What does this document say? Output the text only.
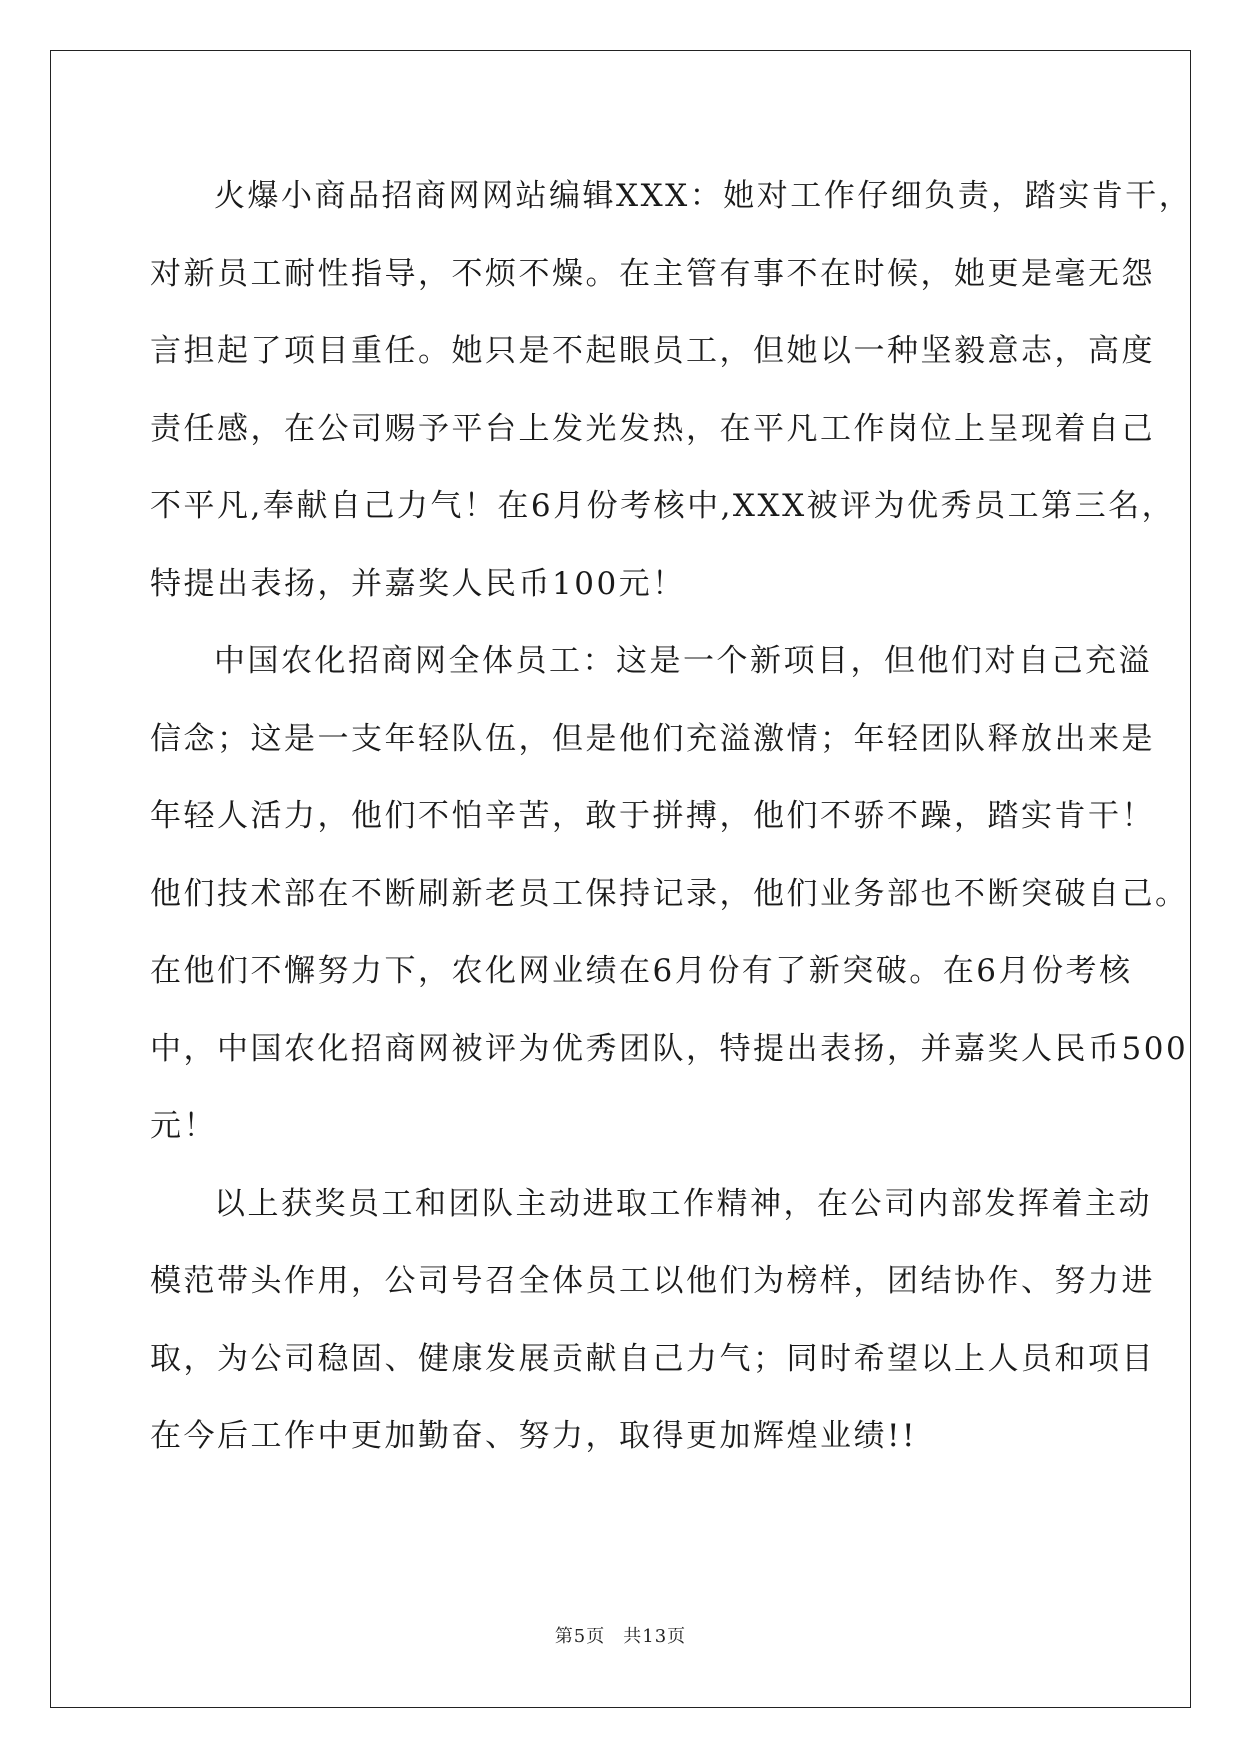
火爆小商品招商网网站编辑XXX：她对工作仔细负责，踏实肯干，
对新员工耐性指导，不烦不燥。在主管有事不在时候，她更是毫无怨
言担起了项目重任。她只是不起眼员工，但她以一种坚毅意志，高度
责任感，在公司赐予平台上发光发热，在平凡工作岗位上呈现着自己
不平凡,奉献自己力气！在6月份考核中,XXX被评为优秀员工第三名，
特提出表扬，并嘉奖人民币100元！

中国农化招商网全体员工：这是一个新项目，但他们对自己充溢
信念；这是一支年轻队伍，但是他们充溢激情；年轻团队释放出来是
年轻人活力，他们不怕辛苦，敢于拼搏，他们不骄不躁，踏实肯干！
他们技术部在不断刷新老员工保持记录，他们业务部也不断突破自己。
在他们不懈努力下，农化网业绩在6月份有了新突破。在6月份考核
中，中国农化招商网被评为优秀团队，特提出表扬，并嘉奖人民币500
元！

以上获奖员工和团队主动进取工作精神，在公司内部发挥着主动
模范带头作用，公司号召全体员工以他们为榜样，团结协作、努力进
取，为公司稳固、健康发展贡献自己力气；同时希望以上人员和项目
在今后工作中更加勤奋、努力，取得更加辉煌业绩!!

第5页 共13页
